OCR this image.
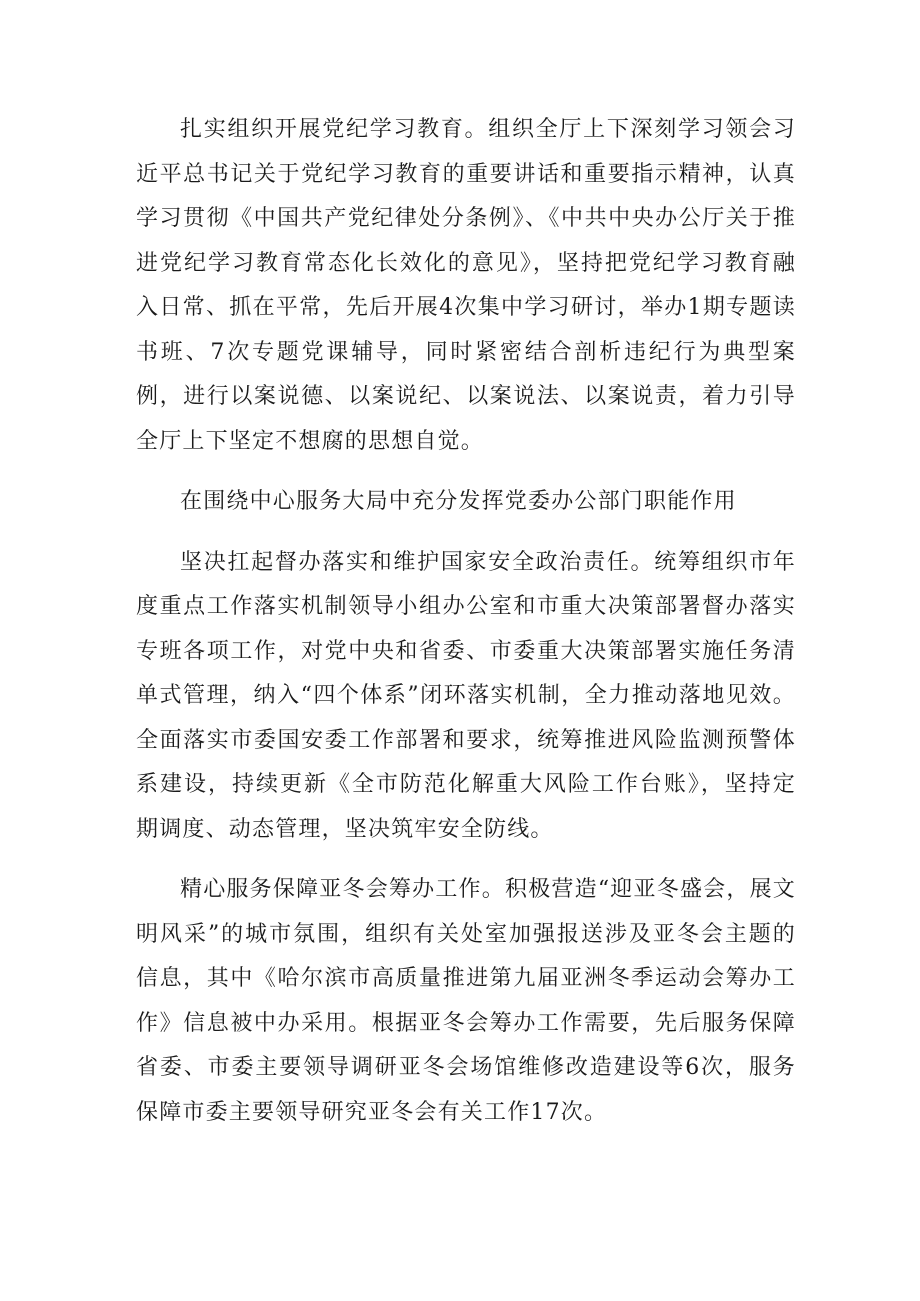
扎实组织开展党纪学习教育。组织全厅上下深刻学习领会习近平总书记关于党纪学习教育的重要讲话和重要指示精神，认真学习贯彻《中国共产党纪律处分条例》、《中共中央办公厅关于推进党纪学习教育常态化长效化的意见》，坚持把党纪学习教育融入日常、抓在平常，先后开展4次集中学习研讨，举办1期专题读书班、7次专题党课辅导，同时紧密结合剖析违纪行为典型案例，进行以案说德、以案说纪、以案说法、以案说责，着力引导全厅上下坚定不想腐的思想自觉。

在围绕中心服务大局中充分发挥党委办公部门职能作用

坚决扛起督办落实和维护国家安全政治责任。统筹组织市年度重点工作落实机制领导小组办公室和市重大决策部署督办落实专班各项工作，对党中央和省委、市委重大决策部署实施任务清单式管理，纳入“四个体系”闭环落实机制，全力推动落地见效。全面落实市委国安委工作部署和要求，统筹推进风险监测预警体系建设，持续更新《全市防范化解重大风险工作台账》，坚持定期调度、动态管理，坚决筑牢安全防线。

精心服务保障亚冬会筹办工作。积极营造“迎亚冬盛会，展文明风采”的城市氛围，组织有关处室加强报送涉及亚冬会主题的信息，其中《哈尔滨市高质量推进第九届亚洲冬季运动会筹办工作》信息被中办采用。根据亚冬会筹办工作需要，先后服务保障省委、市委主要领导调研亚冬会场馆维修改造建设等6次，服务保障市委主要领导研究亚冬会有关工作17次。
